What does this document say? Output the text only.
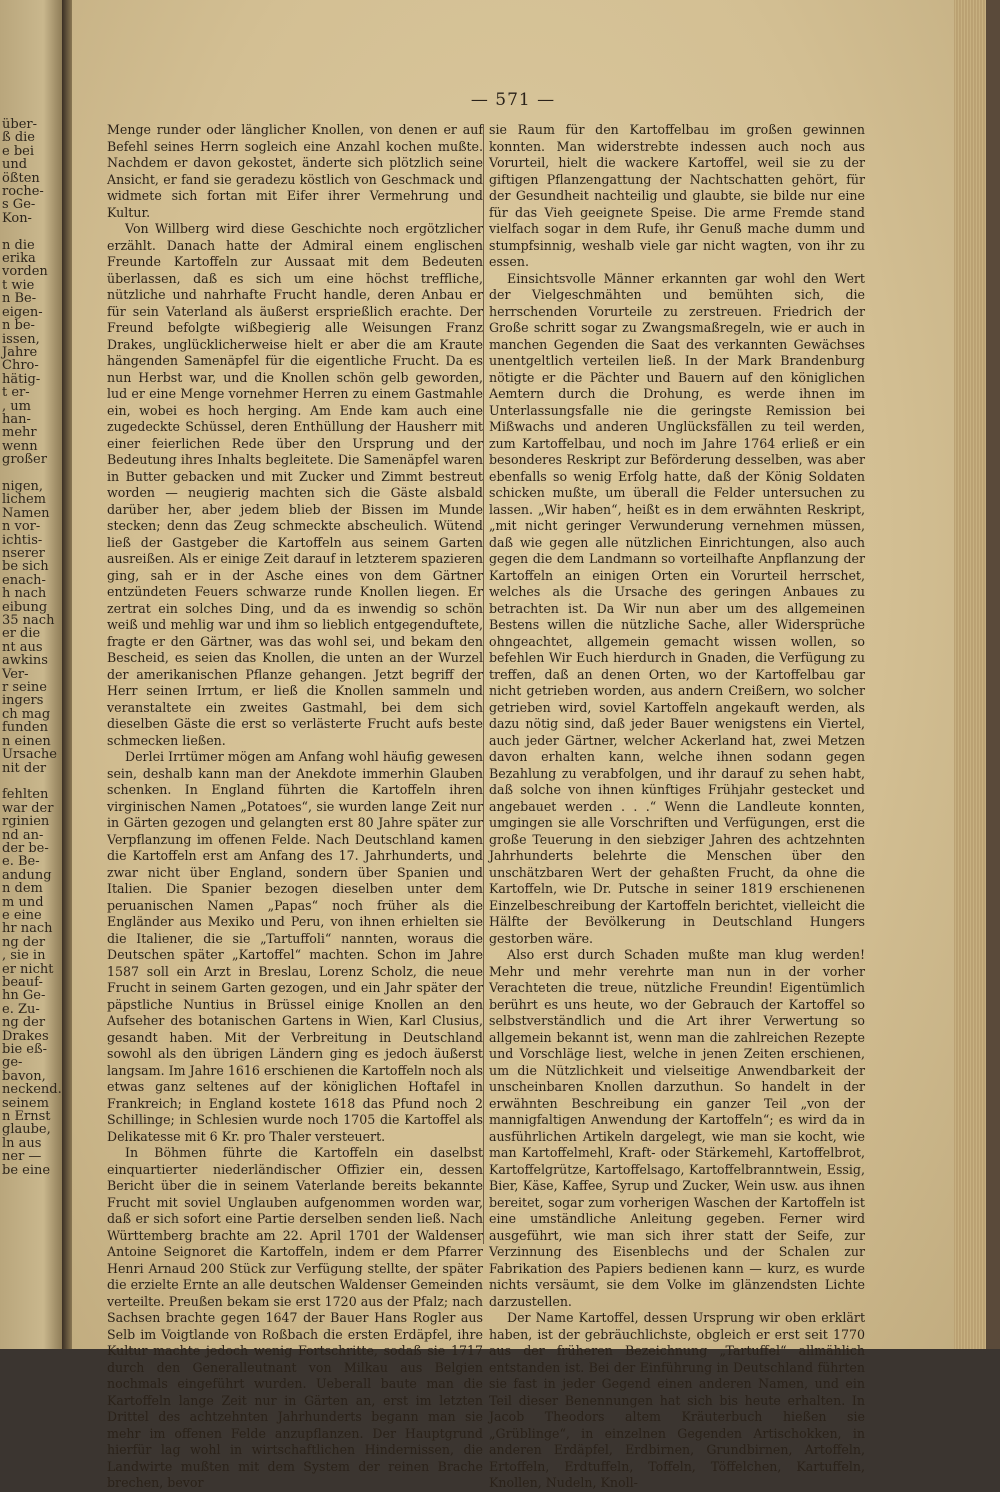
über-
ß die
e bei
und
ößten
roche-
s Ge-
Kon-

n die
erika
vorden
t wie
n Be-
eigen-
n be-
issen,
Jahre
Chro-
hätig-
t er-
, um
han-
mehr
wenn
großer

nigen,
lichem
Namen
n vor-
ichtis-
nserer
be sich
enach-
h nach
eibung
35 nach
er die
nt aus
awkins
Ver-
r seine
ingers
ch mag
funden
n einen
Ursache
nit der

fehlten
war der
rginien
nd an-
der be-
e. Be-
andung
n dem
m und
e eine
hr nach
ng der
, sie in
er nicht
beauf-
hn Ge-
e. Zu-
ng der
Drakes
bie eß-
ge-
bavon,
neckend.
seinem
n Ernst
glaube,
ln aus
ner —
be eine
— 571 —

Menge runder oder länglicher Knollen, von denen er auf Befehl seines Herrn sogleich eine Anzahl kochen mußte. Nachdem er davon gekostet, änderte sich plötzlich seine Ansicht, er fand sie geradezu köstlich von Geschmack und widmete sich fortan mit Eifer ihrer Vermehrung und Kultur.

Von Willberg wird diese Geschichte noch ergötzlicher erzählt. Danach hatte der Admiral einem englischen Freunde Kartoffeln zur Aussaat mit dem Bedeuten überlassen, daß es sich um eine höchst treffliche, nützliche und nahrhafte Frucht handle, deren Anbau er für sein Vaterland als äußerst ersprießlich erachte. Der Freund befolgte wißbegierig alle Weisungen Franz Drakes, unglücklicherweise hielt er aber die am Kraute hängenden Samenäpfel für die eigentliche Frucht. Da es nun Herbst war, und die Knollen schön gelb geworden, lud er eine Menge vornehmer Herren zu einem Gastmahle ein, wobei es hoch herging. Am Ende kam auch eine zugedeckte Schüssel, deren Enthüllung der Hausherr mit einer feierlichen Rede über den Ursprung und der Bedeutung ihres Inhalts begleitete. Die Samenäpfel waren in Butter gebacken und mit Zucker und Zimmt bestreut worden — neugierig machten sich die Gäste alsbald darüber her, aber jedem blieb der Bissen im Munde stecken; denn das Zeug schmeckte abscheulich. Wütend ließ der Gastgeber die Kartoffeln aus seinem Garten ausreißen. Als er einige Zeit darauf in letzterem spazieren ging, sah er in der Asche eines von dem Gärtner entzündeten Feuers schwarze runde Knollen liegen. Er zertrat ein solches Ding, und da es inwendig so schön weiß und mehlig war und ihm so lieblich entgegenduftete, fragte er den Gärtner, was das wohl sei, und bekam den Bescheid, es seien das Knollen, die unten an der Wurzel der amerikanischen Pflanze gehangen. Jetzt begriff der Herr seinen Irrtum, er ließ die Knollen sammeln und veranstaltete ein zweites Gastmahl, bei dem sich dieselben Gäste die erst so verlästerte Frucht aufs beste schmecken ließen.

Derlei Irrtümer mögen am Anfang wohl häufig gewesen sein, deshalb kann man der Anekdote immerhin Glauben schenken. In England führten die Kartoffeln ihren virginischen Namen „Potatoes“, sie wurden lange Zeit nur in Gärten gezogen und gelangten erst 80 Jahre später zur Verpflanzung im offenen Felde. Nach Deutschland kamen die Kartoffeln erst am Anfang des 17. Jahrhunderts, und zwar nicht über England, sondern über Spanien und Italien. Die Spanier bezogen dieselben unter dem peruanischen Namen „Papas“ noch früher als die Engländer aus Mexiko und Peru, von ihnen erhielten sie die Italiener, die sie „Tartuffoli“ nannten, woraus die Deutschen später „Kartoffel“ machten. Schon im Jahre 1587 soll ein Arzt in Breslau, Lorenz Scholz, die neue Frucht in seinem Garten gezogen, und ein Jahr später der päpstliche Nuntius in Brüssel einige Knollen an den Aufseher des botanischen Gartens in Wien, Karl Clusius, gesandt haben. Mit der Verbreitung in Deutschland sowohl als den übrigen Ländern ging es jedoch äußerst langsam. Im Jahre 1616 erschienen die Kartoffeln noch als etwas ganz seltenes auf der königlichen Hoftafel in Frankreich; in England kostete 1618 das Pfund noch 2 Schillinge; in Schlesien wurde noch 1705 die Kartoffel als Delikatesse mit 6 Kr. pro Thaler versteuert.

In Böhmen führte die Kartoffeln ein daselbst einquartierter niederländischer Offizier ein, dessen Bericht über die in seinem Vaterlande bereits bekannte Frucht mit soviel Unglauben aufgenommen worden war, daß er sich sofort eine Partie derselben senden ließ. Nach Württemberg brachte am 22. April 1701 der Waldenser Antoine Seignoret die Kartoffeln, indem er dem Pfarrer Henri Arnaud 200 Stück zur Verfügung stellte, der später die erzielte Ernte an alle deutschen Waldenser Gemeinden verteilte. Preußen bekam sie erst 1720 aus der Pfalz; nach Sachsen brachte gegen 1647 der Bauer Hans Rogler aus Selb im Voigtlande von Roßbach die ersten Erdäpfel, ihre Kultur machte jedoch wenig Fortschritte, sodaß sie 1717 durch den Generalleutnant von Milkau aus Belgien nochmals eingeführt wurden. Ueberall baute man die Kartoffeln lange Zeit nur in Gärten an, erst im letzten Drittel des achtzehnten Jahrhunderts begann man sie mehr im offenen Felde anzupflanzen. Der Hauptgrund hierfür lag wohl in wirtschaftlichen Hindernissen, die Landwirte mußten mit dem System der reinen Brache brechen, bevor

sie Raum für den Kartoffelbau im großen gewinnen konnten. Man widerstrebte indessen auch noch aus Vorurteil, hielt die wackere Kartoffel, weil sie zu der giftigen Pflanzengattung der Nachtschatten gehört, für der Gesundheit nachteilig und glaubte, sie bilde nur eine für das Vieh geeignete Speise. Die arme Fremde stand vielfach sogar in dem Rufe, ihr Genuß mache dumm und stumpfsinnig, weshalb viele gar nicht wagten, von ihr zu essen.

Einsichtsvolle Männer erkannten gar wohl den Wert der Vielgeschmähten und bemühten sich, die herrschenden Vorurteile zu zerstreuen. Friedrich der Große schritt sogar zu Zwangsmaßregeln, wie er auch in manchen Gegenden die Saat des verkannten Gewächses unentgeltlich verteilen ließ. In der Mark Brandenburg nötigte er die Pächter und Bauern auf den königlichen Aemtern durch die Drohung, es werde ihnen im Unterlassungsfalle nie die geringste Remission bei Mißwachs und anderen Unglücksfällen zu teil werden, zum Kartoffelbau, und noch im Jahre 1764 erließ er ein besonderes Reskript zur Beförderung desselben, was aber ebenfalls so wenig Erfolg hatte, daß der König Soldaten schicken mußte, um überall die Felder untersuchen zu lassen. „Wir haben“, heißt es in dem erwähnten Reskript, „mit nicht geringer Verwunderung vernehmen müssen, daß wie gegen alle nützlichen Einrichtungen, also auch gegen die dem Landmann so vorteilhafte Anpflanzung der Kartoffeln an einigen Orten ein Vorurteil herrschet, welches als die Ursache des geringen Anbaues zu betrachten ist. Da Wir nun aber um des allgemeinen Bestens willen die nützliche Sache, aller Widersprüche ohngeachtet, allgemein gemacht wissen wollen, so befehlen Wir Euch hierdurch in Gnaden, die Verfügung zu treffen, daß an denen Orten, wo der Kartoffelbau gar nicht getrieben worden, aus andern Creißern, wo solcher getrieben wird, soviel Kartoffeln angekauft werden, als dazu nötig sind, daß jeder Bauer wenigstens ein Viertel, auch jeder Gärtner, welcher Ackerland hat, zwei Metzen davon erhalten kann, welche ihnen sodann gegen Bezahlung zu verabfolgen, und ihr darauf zu sehen habt, daß solche von ihnen künftiges Frühjahr gestecket und angebauet werden . . .“ Wenn die Landleute konnten, umgingen sie alle Vorschriften und Verfügungen, erst die große Teuerung in den siebziger Jahren des achtzehnten Jahrhunderts belehrte die Menschen über den unschätzbaren Wert der gehaßten Frucht, da ohne die Kartoffeln, wie Dr. Putsche in seiner 1819 erschienenen Einzelbeschreibung der Kartoffeln berichtet, vielleicht die Hälfte der Bevölkerung in Deutschland Hungers gestorben wäre.

Also erst durch Schaden mußte man klug werden! Mehr und mehr verehrte man nun in der vorher Verachteten die treue, nützliche Freundin! Eigentümlich berührt es uns heute, wo der Gebrauch der Kartoffel so selbstverständlich und die Art ihrer Verwertung so allgemein bekannt ist, wenn man die zahlreichen Rezepte und Vorschläge liest, welche in jenen Zeiten erschienen, um die Nützlichkeit und vielseitige Anwendbarkeit der unscheinbaren Knollen darzuthun. So handelt in der erwähnten Beschreibung ein ganzer Teil „von der mannigfaltigen Anwendung der Kartoffeln“; es wird da in ausführlichen Artikeln dargelegt, wie man sie kocht, wie man Kartoffelmehl, Kraft- oder Stärkemehl, Kartoffelbrot, Kartoffelgrütze, Kartoffelsago, Kartoffelbranntwein, Essig, Bier, Käse, Kaffee, Syrup und Zucker, Wein usw. aus ihnen bereitet, sogar zum vorherigen Waschen der Kartoffeln ist eine umständliche Anleitung gegeben. Ferner wird ausgeführt, wie man sich ihrer statt der Seife, zur Verzinnung des Eisenblechs und der Schalen zur Fabrikation des Papiers bedienen kann — kurz, es wurde nichts versäumt, sie dem Volke im glänzendsten Lichte darzustellen.

Der Name Kartoffel, dessen Ursprung wir oben erklärt haben, ist der gebräuchlichste, obgleich er erst seit 1770 aus der früheren Bezeichnung „Tartuffel“ allmählich entstanden ist. Bei der Einführung in Deutschland führten sie fast in jeder Gegend einen anderen Namen, und ein Teil dieser Benennungen hat sich bis heute erhalten. In Jacob Theodors altem Kräuterbuch hießen sie „Grüblinge“, in einzelnen Gegenden Artischokken, in anderen Erdäpfel, Erdbirnen, Grundbirnen, Artoffeln, Ertoffeln, Erdtuffeln, Toffeln, Töffelchen, Kartuffeln, Knollen, Nudeln, Knoll-
